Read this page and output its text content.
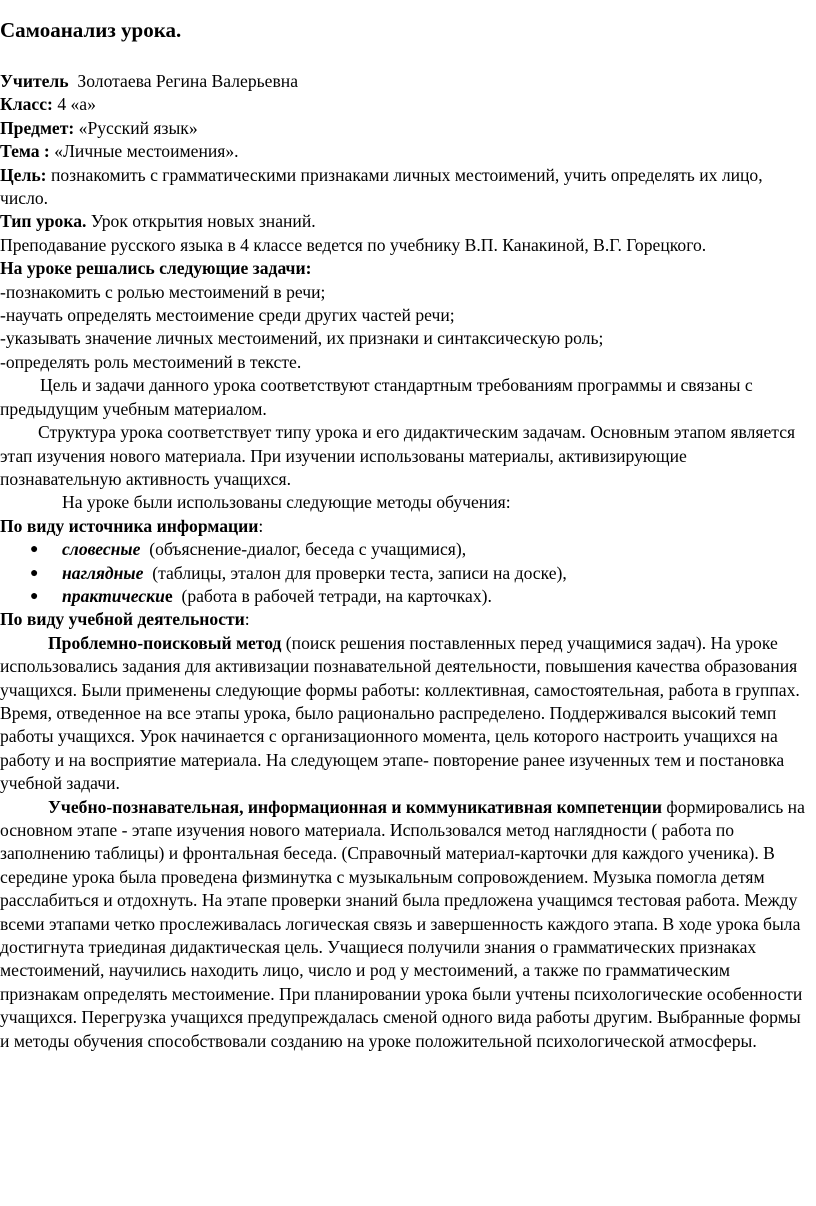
Самоанализ урока.

Учитель Золотаева Регина Валерьевна

Класс: 4 «а»

Предмет: «Русский язык»

Тема : «Личные местоимения».

Цель: познакомить с грамматическими признаками личных местоимений, учить определять их лицо, число.

Тип урока. Урок открытия новых знаний.

Преподавание русского языка в 4 классе ведется по учебнику В.П. Канакиной, В.Г. Горецкого.

На уроке решались следующие задачи:

-познакомить с ролью местоимений в речи;

-научать определять местоимение среди других частей речи;

-указывать значение личных местоимений, их признаки и синтаксическую роль;

-определять роль местоимений в тексте.

Цель и задачи данного урока соответствуют стандартным требованиям программы и связаны с предыдущим учебным материалом.

Структура урока соответствует типу урока и его дидактическим задачам. Основным этапом является этап изучения нового материала. При изучении использованы материалы, активизирующие познавательную активность учащихся.

На уроке были использованы следующие методы обучения:

По виду источника информации:

● словесные  (объяснение-диалог, беседа с учащимися),
● наглядные  (таблицы, эталон для проверки теста, записи на доске),
● практические  (работа в рабочей тетради, на карточках).

По виду учебной деятельности:

Проблемно-поисковый метод (поиск решения поставленных перед учащимися задач). На уроке использовались задания для активизации познавательной деятельности, повышения качества образования учащихся. Были применены следующие формы работы: коллективная, самостоятельная, работа в группах. Время, отведенное на все этапы урока, было рационально распределено. Поддерживался высокий темп работы учащихся. Урок начинается с организационного момента, цель которого настроить учащихся на работу и на восприятие материала. На следующем этапе- повторение ранее изученных тем и постановка учебной задачи.

Учебно-познавательная, информационная и коммуникативная компетенции формировались на основном этапе - этапе изучения нового материала. Использовался метод наглядности ( работа по заполнению таблицы) и фронтальная беседа. (Справочный материал-карточки для каждого ученика). В середине урока была проведена физминутка с музыкальным сопровождением. Музыка помогла детям расслабиться и отдохнуть. На этапе проверки знаний была предложена учащимся тестовая работа. Между всеми этапами четко прослеживалась логическая связь и завершенность каждого этапа. В ходе урока была достигнута триединая дидактическая цель. Учащиеся получили знания о грамматических признаках местоимений, научились находить лицо, число и род у местоимений, а также по грамматическим признакам определять местоимение. При планировании урока были учтены психологические особенности учащихся. Перегрузка учащихся предупреждалась сменой одного вида работы другим. Выбранные формы и методы обучения способствовали созданию на уроке положительной психологической атмосферы.
